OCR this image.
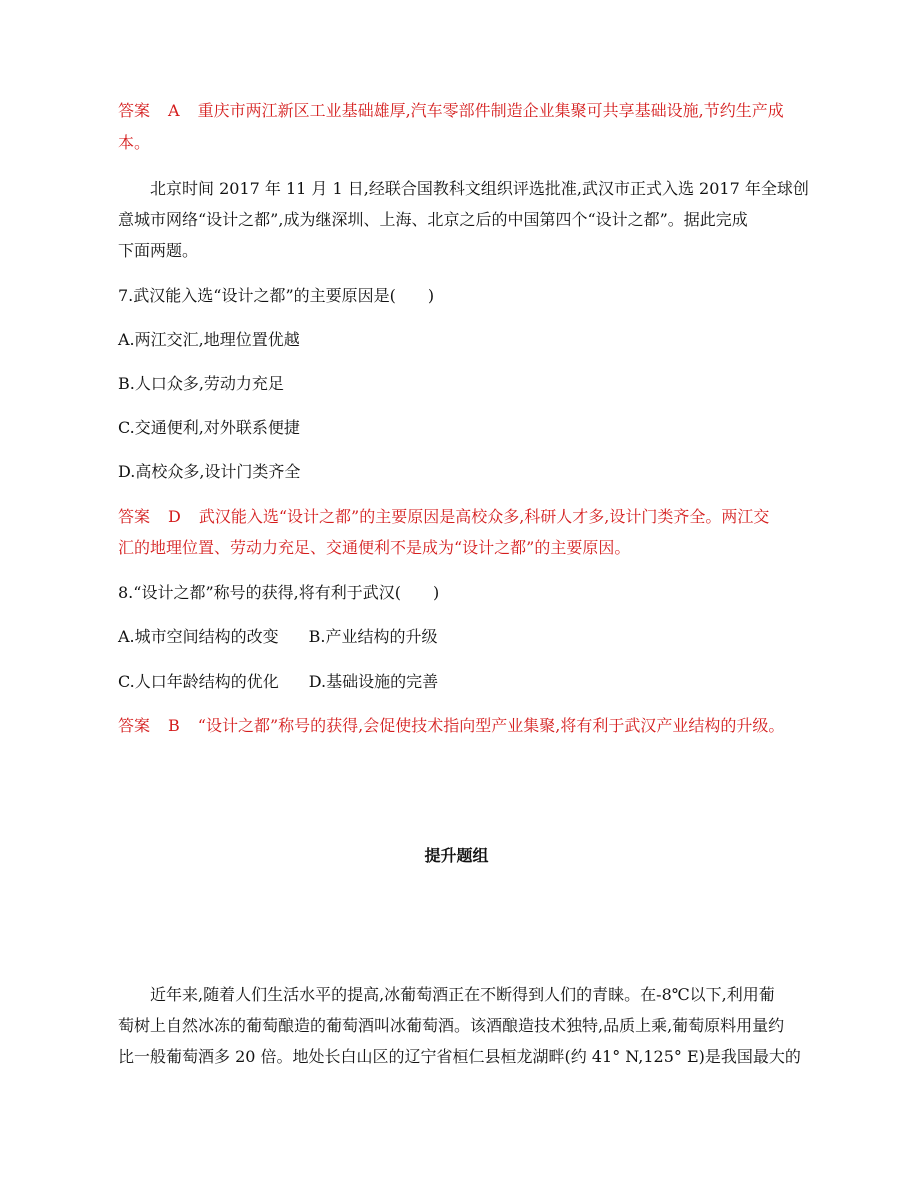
答案 A 重庆市两江新区工业基础雄厚,汽车零部件制造企业集聚可共享基础设施,节约生产成
本。
北京时间 2017 年 11 月 1 日,经联合国教科文组织评选批准,武汉市正式入选 2017 年全球创
意城市网络“设计之都”,成为继深圳、上海、北京之后的中国第四个“设计之都”。据此完成
下面两题。
7.武汉能入选“设计之都”的主要原因是(　　)
A.两江交汇,地理位置优越
B.人口众多,劳动力充足
C.交通便利,对外联系便捷
D.高校众多,设计门类齐全
答案 D 武汉能入选“设计之都”的主要原因是高校众多,科研人才多,设计门类齐全。两江交
汇的地理位置、劳动力充足、交通便利不是成为“设计之都”的主要原因。
8.“设计之都”称号的获得,将有利于武汉(　　)
A.城市空间结构的改变 B.产业结构的升级
C.人口年龄结构的优化 D.基础设施的完善
答案 B “设计之都”称号的获得,会促使技术指向型产业集聚,将有利于武汉产业结构的升级。
提升题组
近年来,随着人们生活水平的提高,冰葡萄酒正在不断得到人们的青睐。在-8℃以下,利用葡
萄树上自然冰冻的葡萄酿造的葡萄酒叫冰葡萄酒。该酒酿造技术独特,品质上乘,葡萄原料用量约
比一般葡萄酒多 20 倍。地处长白山区的辽宁省桓仁县桓龙湖畔(约 41° N,125° E)是我国最大的
